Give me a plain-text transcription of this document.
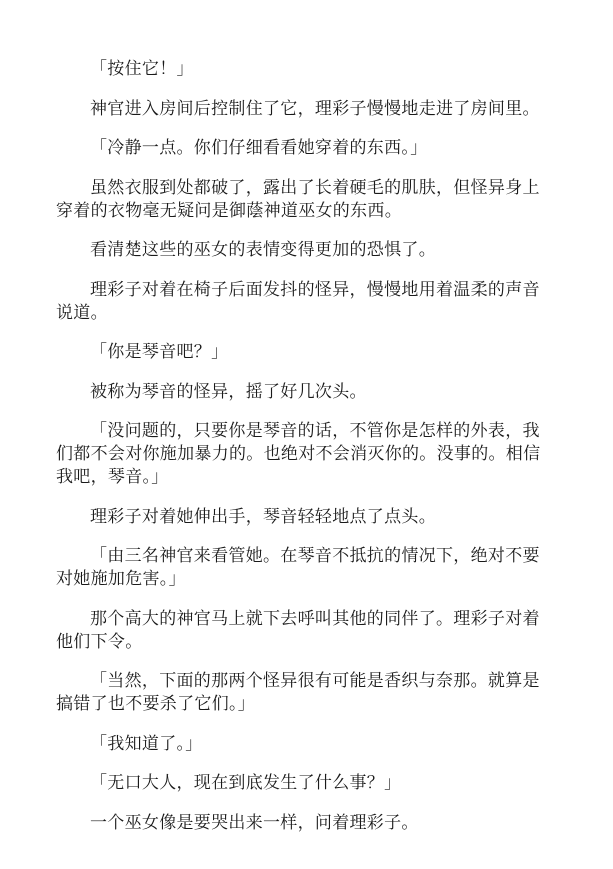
「按住它！」

神官进入房间后控制住了它，理彩子慢慢地走进了房间里。

「冷静一点。你们仔细看看她穿着的东西。」

虽然衣服到处都破了，露出了长着硬毛的肌肤，但怪异身上穿着的衣物毫无疑问是御蔭神道巫女的东西。

看清楚这些的巫女的表情变得更加的恐惧了。

理彩子对着在椅子后面发抖的怪异，慢慢地用着温柔的声音说道。

「你是琴音吧？」

被称为琴音的怪异，摇了好几次头。

「没问题的，只要你是琴音的话，不管你是怎样的外表，我们都不会对你施加暴力的。也绝对不会消灭你的。没事的。相信我吧，琴音。」

理彩子对着她伸出手，琴音轻轻地点了点头。

「由三名神官来看管她。在琴音不抵抗的情况下，绝对不要对她施加危害。」

那个高大的神官马上就下去呼叫其他的同伴了。理彩子对着他们下令。

「当然，下面的那两个怪异很有可能是香织与奈那。就算是搞错了也不要杀了它们。」

「我知道了。」

「无口大人，现在到底发生了什么事？」

一个巫女像是要哭出来一样，问着理彩子。
